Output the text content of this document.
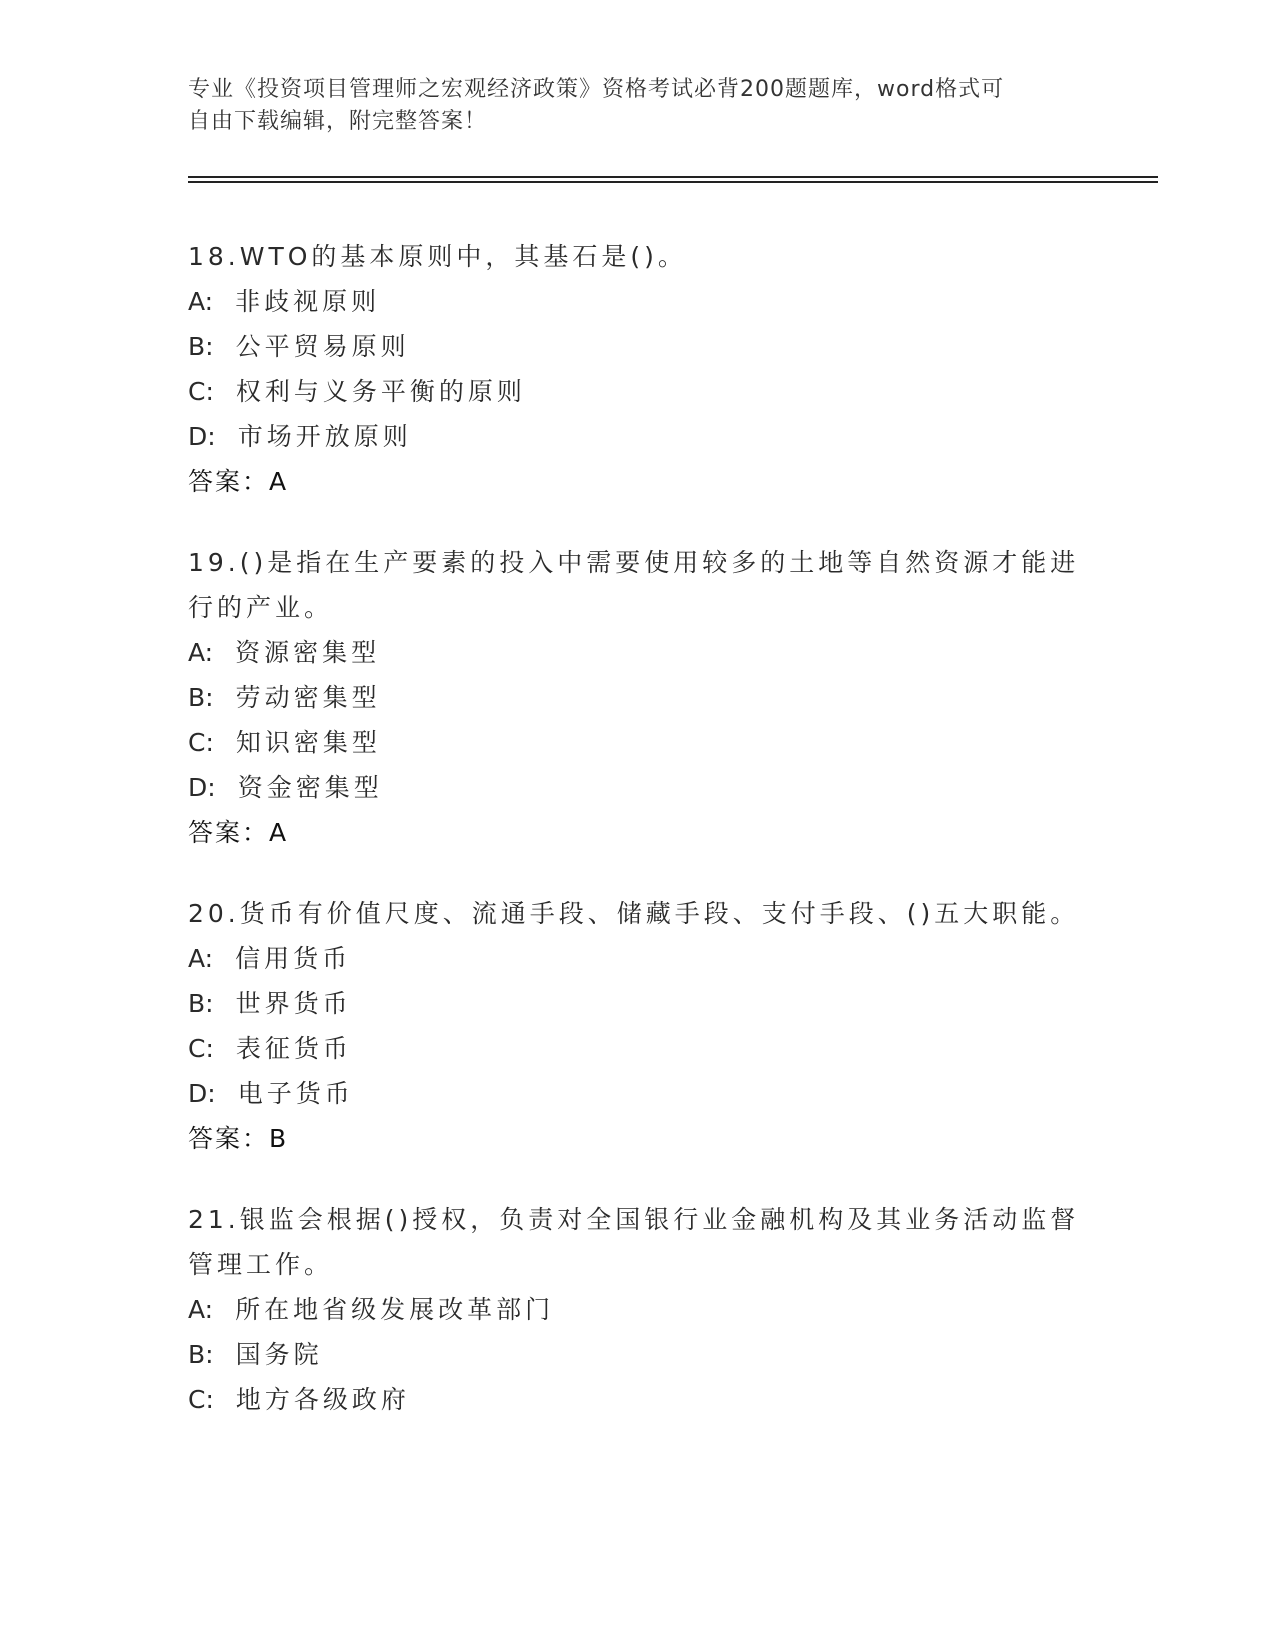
专业《投资项目管理师之宏观经济政策》资格考试必背200题题库，word格式可
自由下载编辑，附完整答案！
18.WTO的基本原则中，其基石是()。
A: 非歧视原则
B: 公平贸易原则
C: 权利与义务平衡的原则
D: 市场开放原则
答案：A
19.()是指在生产要素的投入中需要使用较多的土地等自然资源才能进行的产业。
A: 资源密集型
B: 劳动密集型
C: 知识密集型
D: 资金密集型
答案：A
20.货币有价值尺度、流通手段、储藏手段、支付手段、()五大职能。
A: 信用货币
B: 世界货币
C: 表征货币
D: 电子货币
答案：B
21.银监会根据()授权，负责对全国银行业金融机构及其业务活动监督管理工作。
A: 所在地省级发展改革部门
B: 国务院
C: 地方各级政府
